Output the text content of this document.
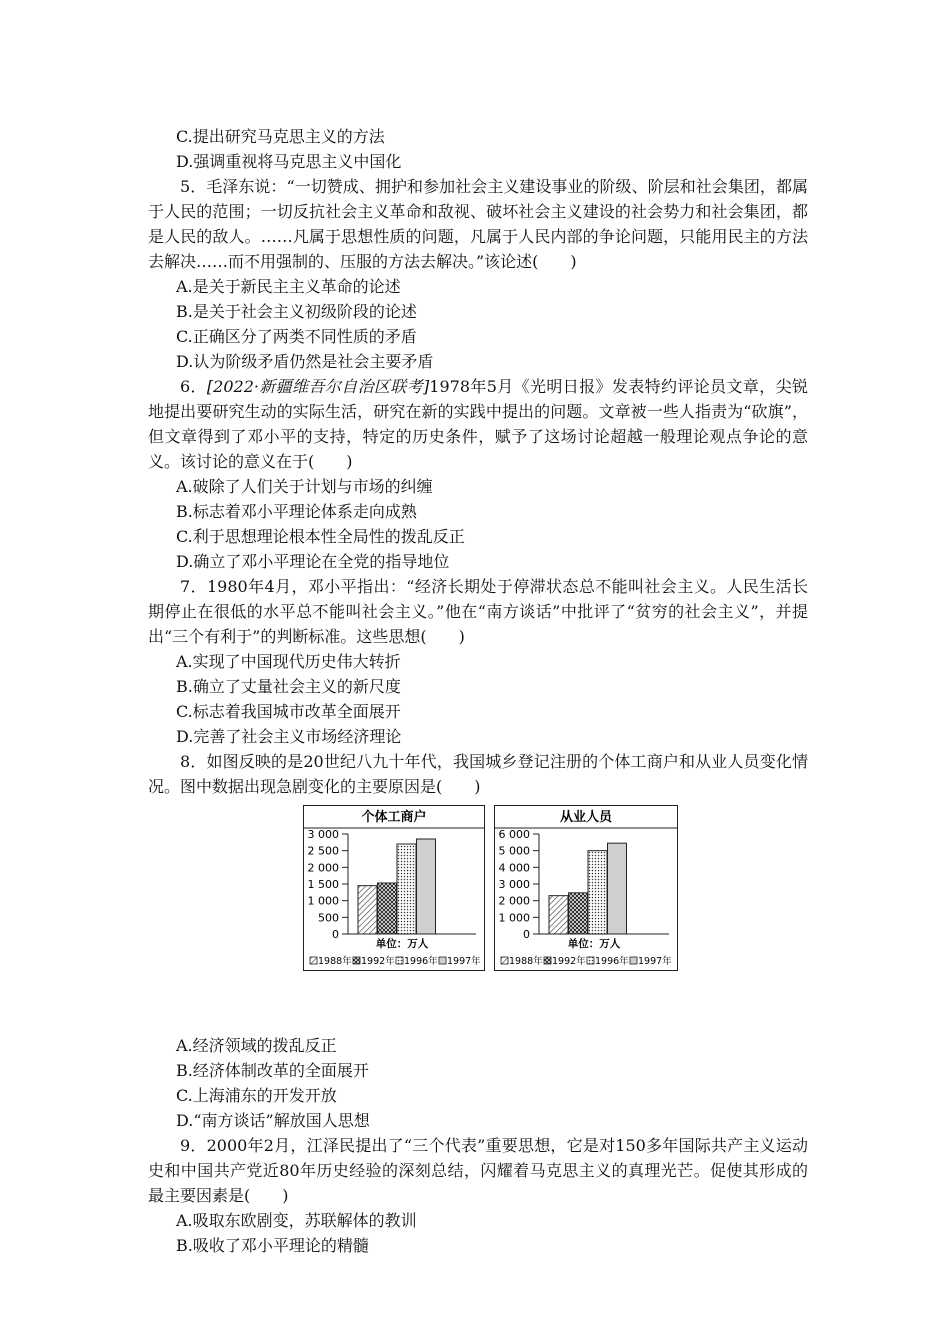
C.提出研究马克思主义的方法
D.强调重视将马克思主义中国化
5．毛泽东说：“一切赞成、拥护和参加社会主义建设事业的阶级、阶层和社会集团，都属于人民的范围；一切反抗社会主义革命和敌视、破坏社会主义建设的社会势力和社会集团，都是人民的敌人。……凡属于思想性质的问题，凡属于人民内部的争论问题，只能用民主的方法去解决……而不用强制的、压服的方法去解决。”该论述(　　)
A.是关于新民主主义革命的论述
B.是关于社会主义初级阶段的论述
C.正确区分了两类不同性质的矛盾
D.认为阶级矛盾仍然是社会主要矛盾
6．[2022·新疆维吾尔自治区联考]1978年5月《光明日报》发表特约评论员文章，尖锐地提出要研究生动的实际生活，研究在新的实践中提出的问题。文章被一些人指责为“砍旗”，但文章得到了邓小平的支持，特定的历史条件，赋予了这场讨论超越一般理论观点争论的意义。该讨论的意义在于(　　)
A.破除了人们关于计划与市场的纠缠
B.标志着邓小平理论体系走向成熟
C.利于思想理论根本性全局性的拨乱反正
D.确立了邓小平理论在全党的指导地位
7．1980年4月，邓小平指出：“经济长期处于停滞状态总不能叫社会主义。人民生活长期停止在很低的水平总不能叫社会主义。”他在“南方谈话”中批评了“贫穷的社会主义”，并提出“三个有利于”的判断标准。这些思想(　　)
A.实现了中国现代历史伟大转折
B.确立了丈量社会主义的新尺度
C.标志着我国城市改革全面展开
D.完善了社会主义市场经济理论
8．如图反映的是20世纪八九十年代，我国城乡登记注册的个体工商户和从业人员变化情况。图中数据出现急剧变化的主要原因是(　　)
个体工商户
3 000
2 500
2 000
1 500
1 000
500
0
单位：万人
1988年 1992年 1996年 1997年
从业人员
6 000
5 000
4 000
3 000
2 000
1 000
0
单位：万人
1988年 1992年 1996年 1997年
A.经济领域的拨乱反正
B.经济体制改革的全面展开
C.上海浦东的开发开放
D.“南方谈话”解放国人思想
9．2000年2月，江泽民提出了“三个代表”重要思想，它是对150多年国际共产主义运动史和中国共产党近80年历史经验的深刻总结，闪耀着马克思主义的真理光芒。促使其形成的最主要因素是(　　)
A.吸取东欧剧变，苏联解体的教训
B.吸收了邓小平理论的精髓
